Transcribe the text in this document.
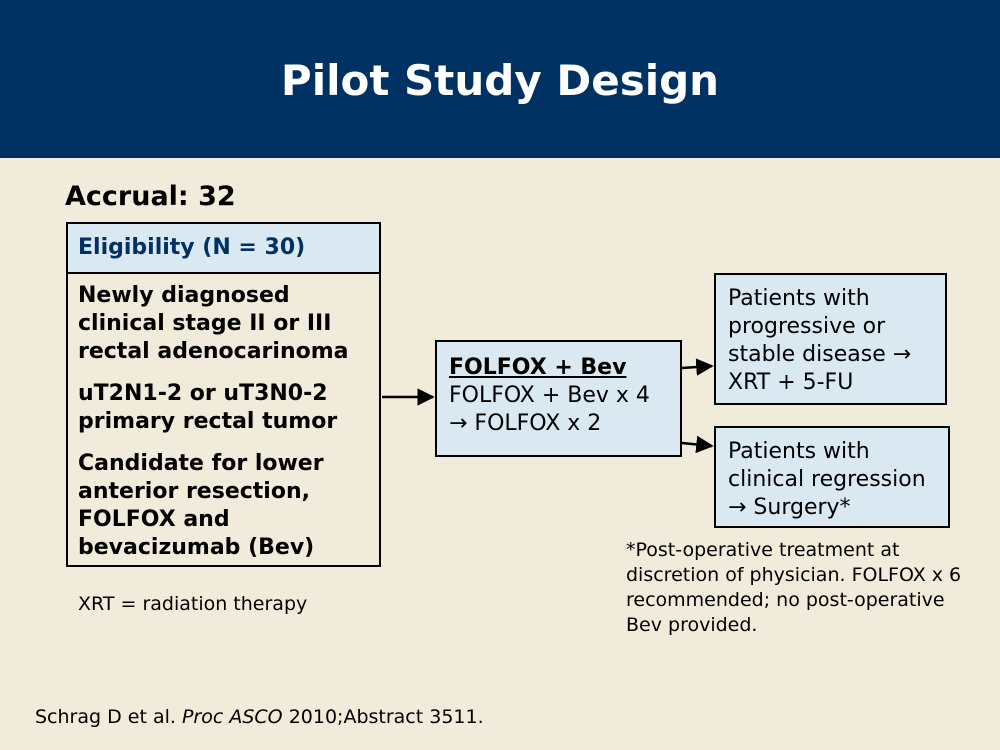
Pilot Study Design
Accrual: 32
Eligibility (N = 30)

Newly diagnosed clinical stage II or III rectal adenocarinoma

uT2N1-2 or uT3N0-2 primary rectal tumor

Candidate for lower anterior resection, FOLFOX and bevacizumab (Bev)

XRT = radiation therapy
FOLFOX + Bev
FOLFOX + Bev x 4
→ FOLFOX x 2
Patients with progressive or stable disease → XRT + 5-FU
Patients with clinical regression → Surgery*
*Post-operative treatment at discretion of physician. FOLFOX x 6 recommended; no post-operative Bev provided.
Schrag D et al. Proc ASCO 2010;Abstract 3511.
